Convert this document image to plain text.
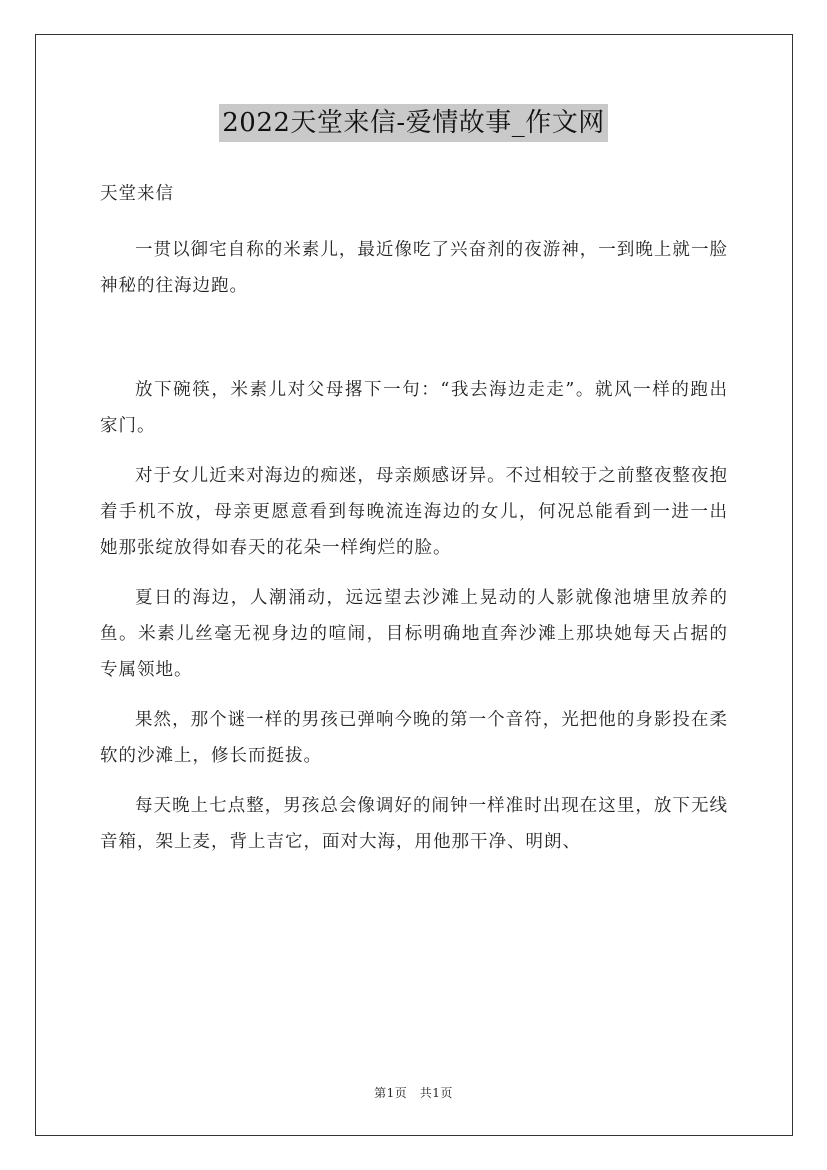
2022天堂来信-爱情故事_作文网

天堂来信

一贯以御宅自称的米素儿，最近像吃了兴奋剂的夜游神，一到晚上就一脸神秘的往海边跑。

放下碗筷，米素儿对父母撂下一句：“我去海边走走”。就风一样的跑出家门。

对于女儿近来对海边的痴迷，母亲颇感讶异。不过相较于之前整夜整夜抱着手机不放，母亲更愿意看到每晚流连海边的女儿，何况总能看到一进一出她那张绽放得如春天的花朵一样绚烂的脸。

夏日的海边，人潮涌动，远远望去沙滩上晃动的人影就像池塘里放养的鱼。米素儿丝毫无视身边的喧闹，目标明确地直奔沙滩上那块她每天占据的专属领地。

果然，那个谜一样的男孩已弹响今晚的第一个音符，光把他的身影投在柔软的沙滩上，修长而挺拔。

每天晚上七点整，男孩总会像调好的闹钟一样准时出现在这里，放下无线音箱，架上麦，背上吉它，面对大海，用他那干净、明朗、

第1页　共1页
